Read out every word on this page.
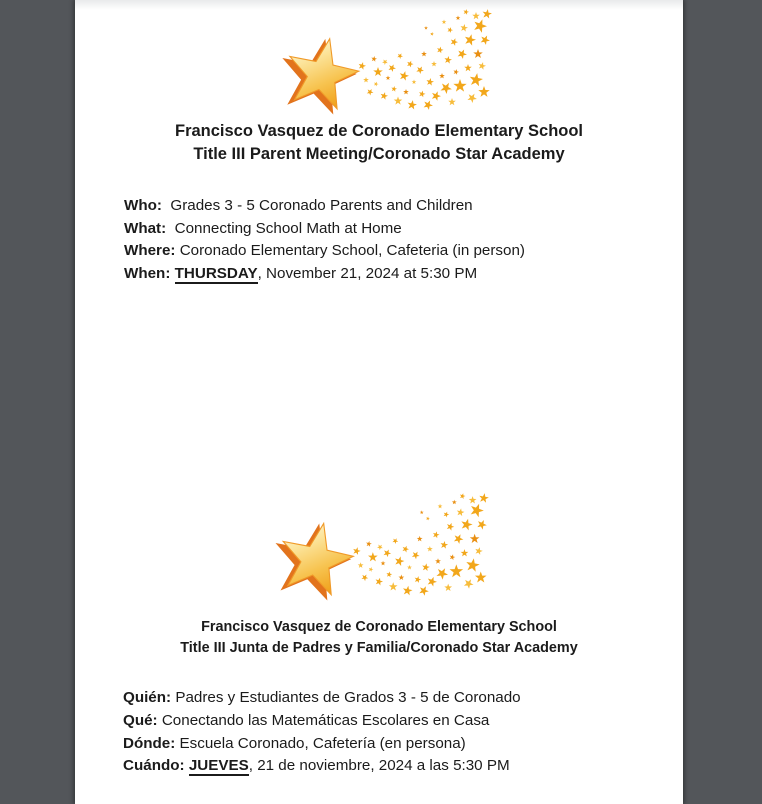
Francisco Vasquez de Coronado Elementary School
Title III Parent Meeting/Coronado Star Academy

Who:  Grades 3 - 5 Coronado Parents and Children

What:  Connecting School Math at Home

Where: Coronado Elementary School, Cafeteria (in person)

When: THURSDAY, November 21, 2024 at 5:30 PM

Francisco Vasquez de Coronado Elementary School
Title III Junta de Padres y Familia/Coronado Star Academy

Quién: Padres y Estudiantes de Grados 3 - 5 de Coronado

Qué: Conectando las Matemáticas Escolares en Casa

Dónde: Escuela Coronado, Cafetería (en persona)

Cuándo: JUEVES, 21 de noviembre, 2024 a las 5:30 PM
